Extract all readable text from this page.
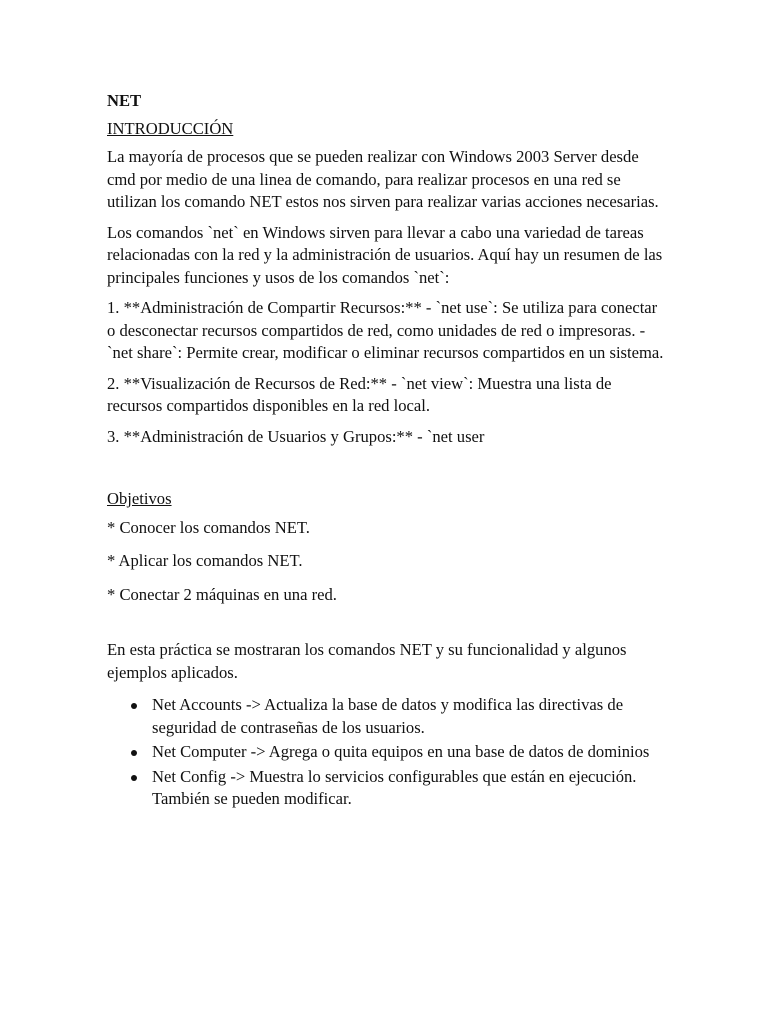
NET
INTRODUCCIÓN

La mayoría de procesos que se pueden realizar con Windows 2003 Server desde cmd por medio de una linea de comando, para realizar procesos en una red se utilizan los comando NET estos nos sirven para realizar varias acciones necesarias.

Los comandos `net` en Windows sirven para llevar a cabo una variedad de tareas relacionadas con la red y la administración de usuarios. Aquí hay un resumen de las principales funciones y usos de los comandos `net`:

1. **Administración de Compartir Recursos:** - `net use`: Se utiliza para conectar o desconectar recursos compartidos de red, como unidades de red o impresoras. - `net share`: Permite crear, modificar o eliminar recursos compartidos en un sistema.

2. **Visualización de Recursos de Red:** - `net view`: Muestra una lista de recursos compartidos disponibles en la red local.

3. **Administración de Usuarios y Grupos:** - `net user

Objetivos

* Conocer los comandos NET.

* Aplicar los comandos NET.

* Conectar 2 máquinas en una red.

En esta práctica se mostraran los comandos NET y su funcionalidad y algunos ejemplos aplicados.

Net Accounts -> Actualiza la base de datos y modifica las directivas de seguridad de contraseñas de los usuarios.
Net Computer -> Agrega o quita equipos en una base de datos de dominios
Net Config -> Muestra lo servicios configurables que están en ejecución. También se pueden modificar.
